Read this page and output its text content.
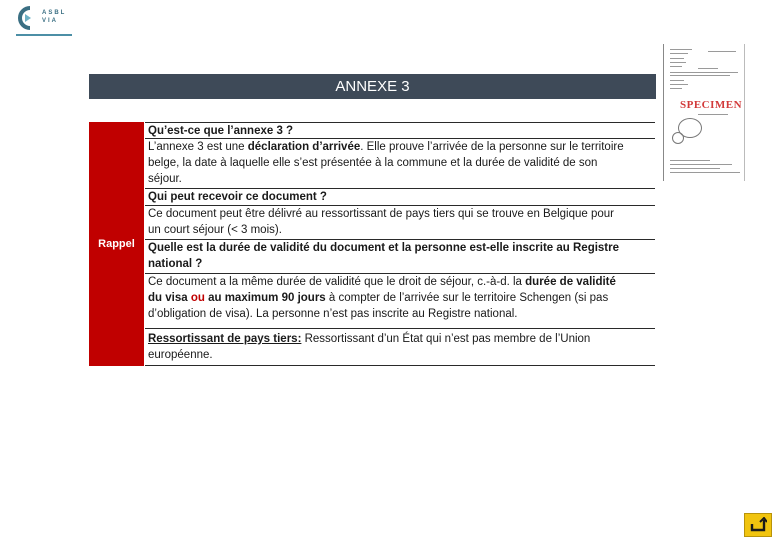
ASBL
VIA
ANNEXE 3
SPECIMEN
Rappel
Qu’est-ce que l’annexe 3 ?
L’annexe 3 est une déclaration d’arrivée. Elle prouve l’arrivée de la personne sur le territoire
belge, la date à laquelle elle s’est présentée à la commune et la durée de validité de son
séjour.
Qui peut recevoir ce document ?
Ce document peut être délivré au ressortissant de pays tiers qui se trouve en Belgique pour
un court séjour (< 3 mois).
Quelle est la durée de validité du document et la personne est-elle inscrite au Registre
national ?
Ce document a la même durée de validité que le droit de séjour, c.-à-d. la durée de validité
du visa ou au maximum 90 jours à compter de l’arrivée sur le territoire Schengen (si pas
d’obligation de visa). La personne n’est pas inscrite au Registre national.
Ressortissant de pays tiers: Ressortissant d’un État qui n’est pas membre de l’Union
européenne.
